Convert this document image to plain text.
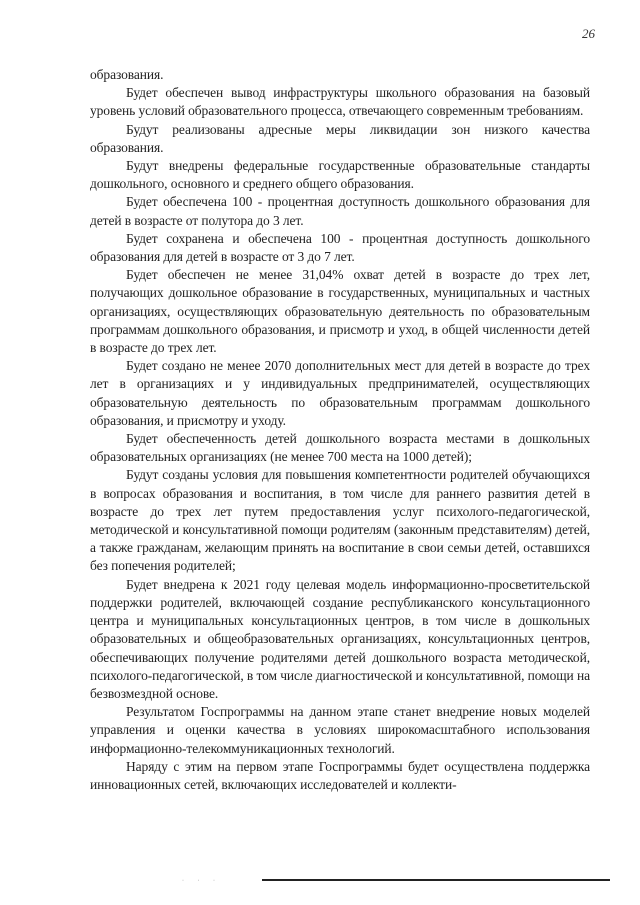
26

образования.

Будет обеспечен вывод инфраструктуры школьного образования на базовый уровень условий образовательного процесса, отвечающего современным требованиям.

Будут реализованы адресные меры ликвидации зон низкого качества образования.

Будут внедрены федеральные государственные образовательные стандарты дошкольного, основного и среднего общего образования.

Будет обеспечена 100 - процентная доступность дошкольного образования для детей в возрасте от полутора до 3 лет.

Будет сохранена и обеспечена 100 - процентная доступность дошкольного образования для детей в возрасте от 3 до 7 лет.

Будет обеспечен не менее 31,04% охват детей в возрасте до трех лет, получающих дошкольное образование в государственных, муниципальных и частных организациях, осуществляющих образовательную деятельность по образовательным программам дошкольного образования, и присмотр и уход, в общей численности детей в возрасте до трех лет.

Будет создано не менее 2070 дополнительных мест для детей в возрасте до трех лет в организациях и у индивидуальных предпринимателей, осуществляющих образовательную деятельность по образовательным программам дошкольного образования, и присмотру и уходу.

Будет обеспеченность детей дошкольного возраста местами в дошкольных образовательных организациях (не менее 700 места на 1000 детей);

Будут созданы условия для повышения компетентности родителей обучающихся в вопросах образования и воспитания, в том числе для раннего развития детей в возрасте до трех лет путем предоставления услуг психолого-педагогической, методической и консультативной помощи родителям (законным представителям) детей, а также гражданам, желающим принять на воспитание в свои семьи детей, оставшихся без попечения родителей;

Будет внедрена к 2021 году целевая модель информационно-просветительской поддержки родителей, включающей создание республиканского консультационного центра и муниципальных консультационных центров, в том числе в дошкольных образовательных и общеобразовательных организациях, консультационных центров, обеспечивающих получение родителями детей дошкольного возраста методической, психолого-педагогической, в том числе диагностической и консультативной, помощи на безвозмездной основе.

Результатом Госпрограммы на данном этапе станет внедрение новых моделей управления и оценки качества в условиях широкомасштабного использования информационно-телекоммуникационных технологий.

Наряду с этим на первом этапе Госпрограммы будет осуществлена поддержка инновационных сетей, включающих исследователей и коллекти-

· · ·
